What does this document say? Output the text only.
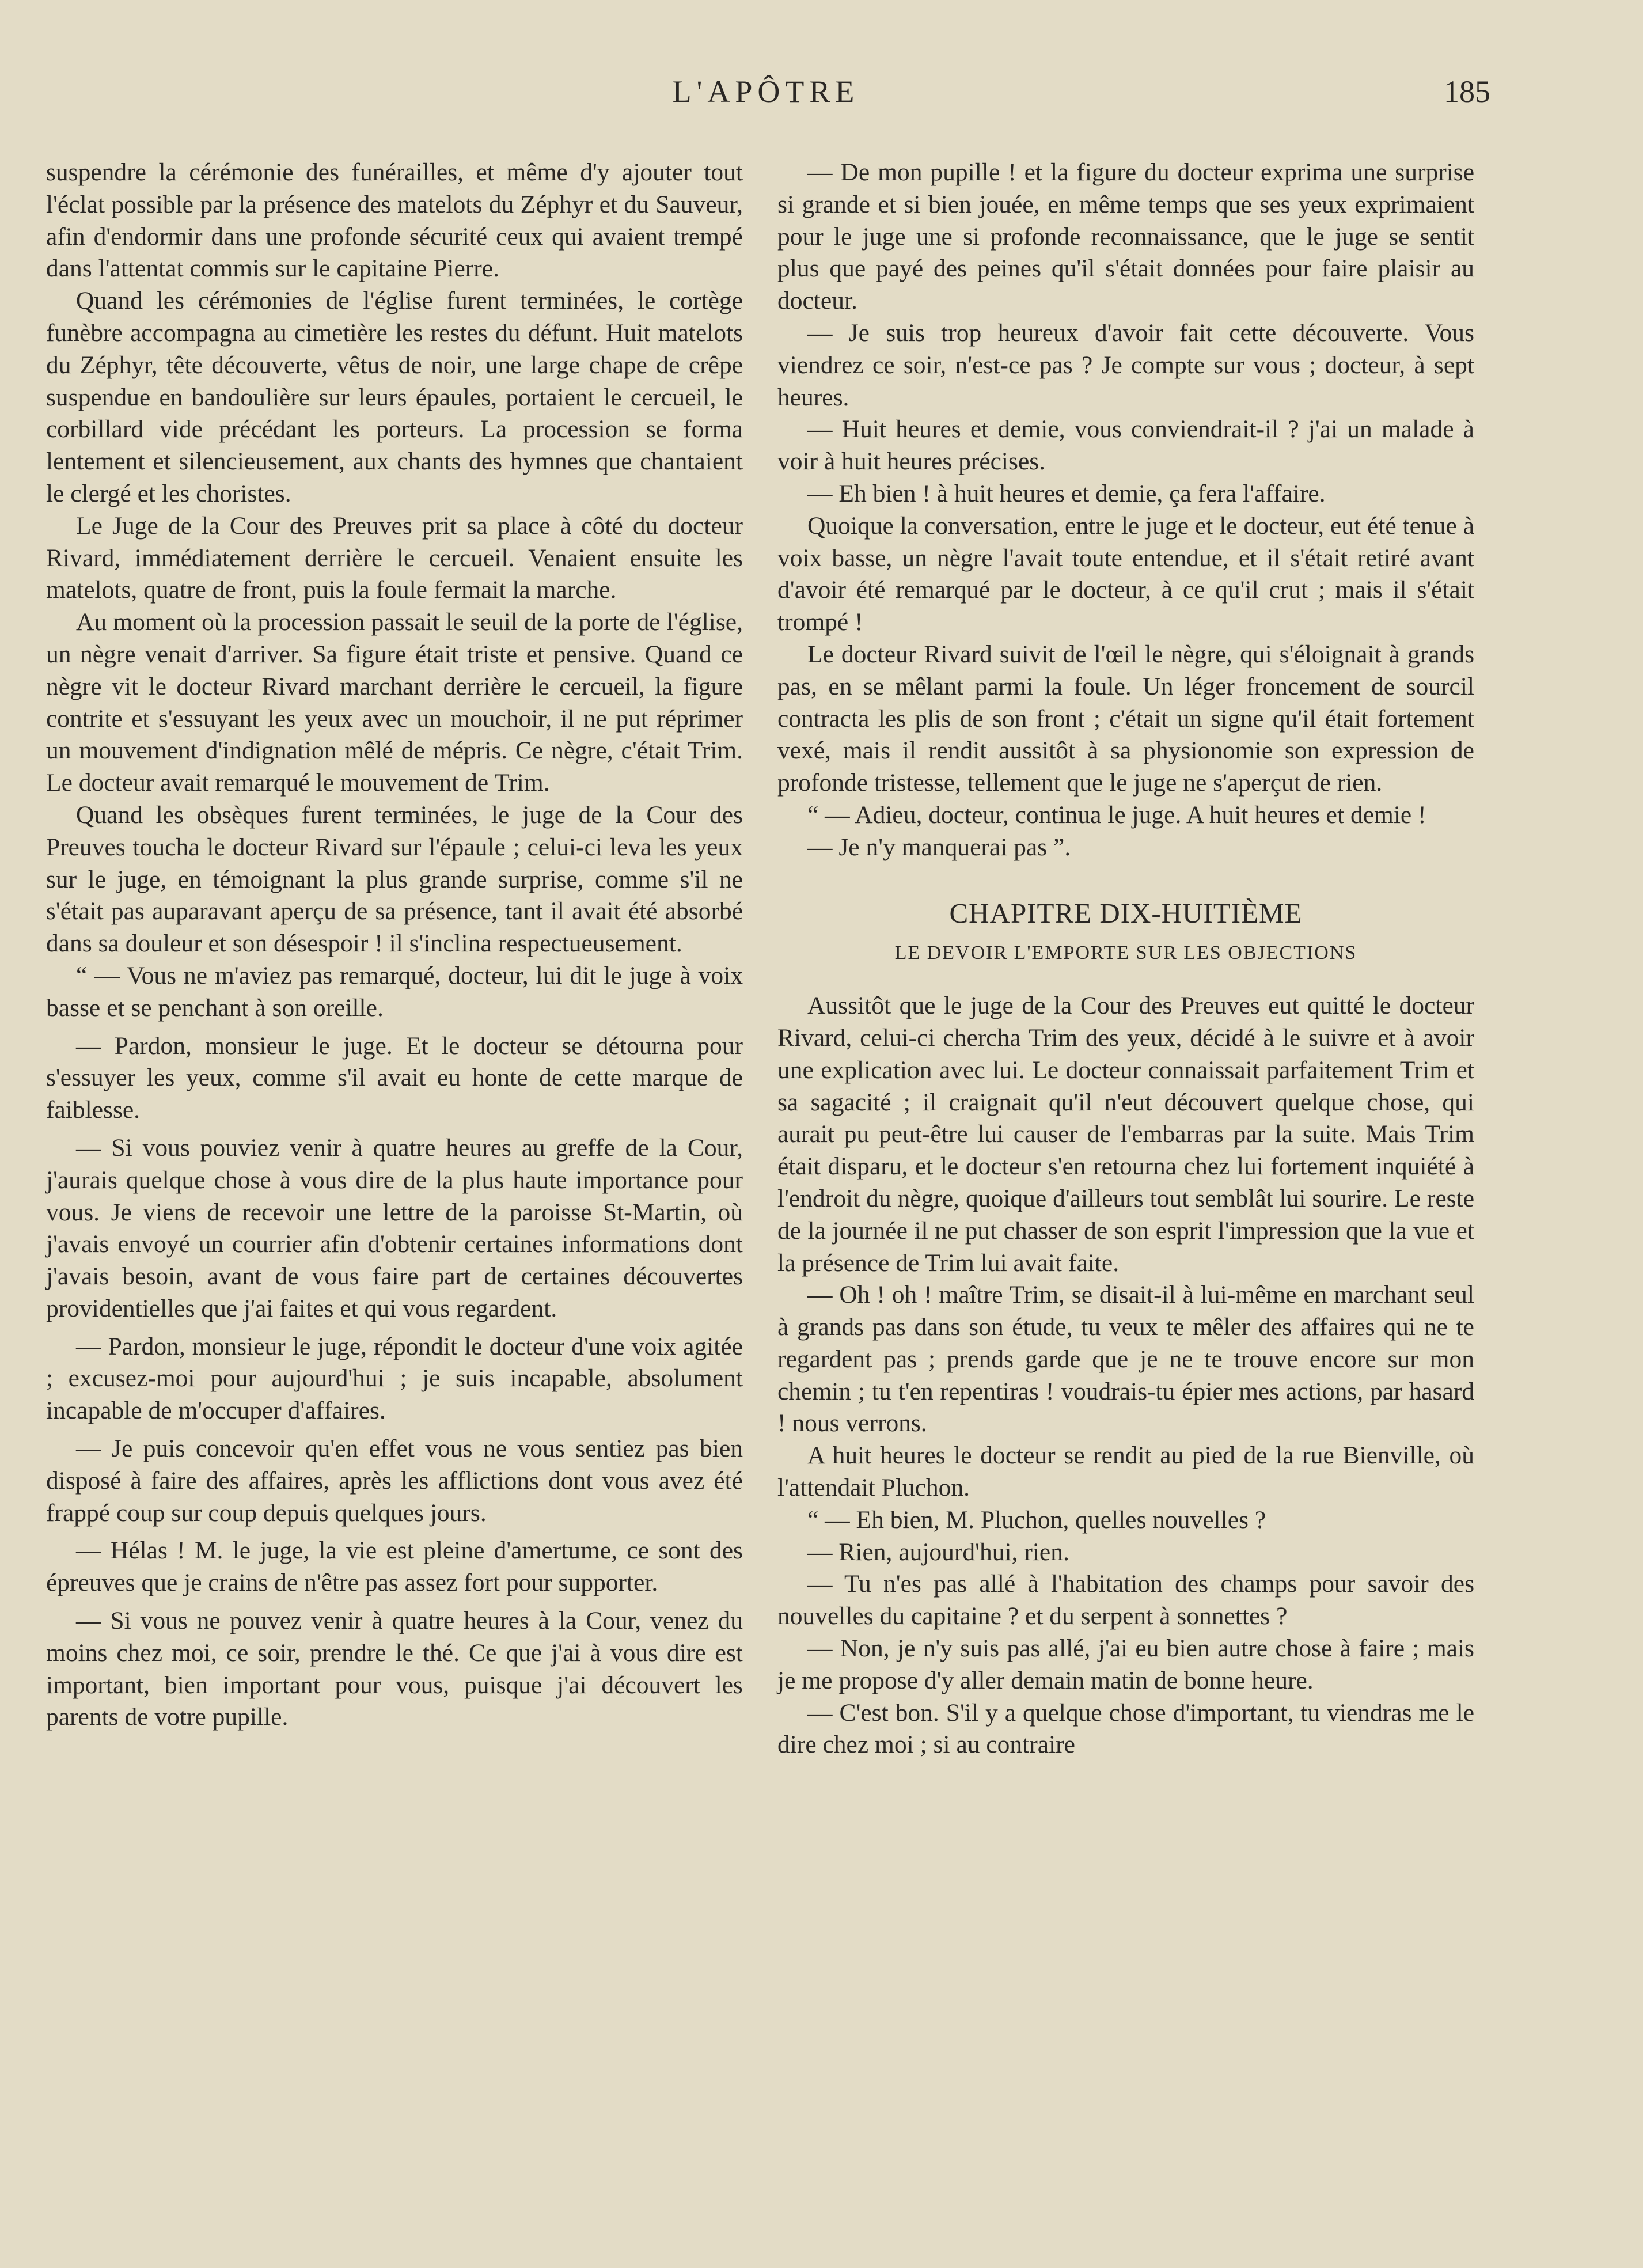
L'APÔTRE	185

suspendre la cérémonie des funérailles, et même d'y ajouter tout l'éclat possible par la présence des matelots du Zéphyr et du Sauveur, afin d'endormir dans une profonde sécurité ceux qui avaient trempé dans l'attentat commis sur le capitaine Pierre.

Quand les cérémonies de l'église furent terminées, le cortège funèbre accompagna au cimetière les restes du défunt. Huit matelots du Zéphyr, tête découverte, vêtus de noir, une large chape de crêpe suspendue en bandoulière sur leurs épaules, portaient le cercueil, le corbillard vide précédant les porteurs. La procession se forma lentement et silencieusement, aux chants des hymnes que chantaient le clergé et les choristes.

Le Juge de la Cour des Preuves prit sa place à côté du docteur Rivard, immédiatement derrière le cercueil. Venaient ensuite les matelots, quatre de front, puis la foule fermait la marche.

Au moment où la procession passait le seuil de la porte de l'église, un nègre venait d'arriver. Sa figure était triste et pensive. Quand ce nègre vit le docteur Rivard marchant derrière le cercueil, la figure contrite et s'essuyant les yeux avec un mouchoir, il ne put réprimer un mouvement d'indignation mêlé de mépris. Ce nègre, c'était Trim. Le docteur avait remarqué le mouvement de Trim.

Quand les obsèques furent terminées, le juge de la Cour des Preuves toucha le docteur Rivard sur l'épaule ; celui-ci leva les yeux sur le juge, en témoignant la plus grande surprise, comme s'il ne s'était pas auparavant aperçu de sa présence, tant il avait été absorbé dans sa douleur et son désespoir ! il s'inclina respectueusement.

“ — Vous ne m'aviez pas remarqué, docteur, lui dit le juge à voix basse et se penchant à son oreille.

— Pardon, monsieur le juge. Et le docteur se détourna pour s'essuyer les yeux, comme s'il avait eu honte de cette marque de faiblesse.

— Si vous pouviez venir à quatre heures au greffe de la Cour, j'aurais quelque chose à vous dire de la plus haute importance pour vous. Je viens de recevoir une lettre de la paroisse St-Martin, où j'avais envoyé un courrier afin d'obtenir certaines informations dont j'avais besoin, avant de vous faire part de certaines découvertes providentielles que j'ai faites et qui vous regardent.

— Pardon, monsieur le juge, répondit le docteur d'une voix agitée ; excusez-moi pour aujourd'hui ; je suis incapable, absolument incapable de m'occuper d'affaires.

— Je puis concevoir qu'en effet vous ne vous sentiez pas bien disposé à faire des affaires, après les afflictions dont vous avez été frappé coup sur coup depuis quelques jours.

— Hélas ! M. le juge, la vie est pleine d'amertume, ce sont des épreuves que je crains de n'être pas assez fort pour supporter.

— Si vous ne pouvez venir à quatre heures à la Cour, venez du moins chez moi, ce soir, prendre le thé. Ce que j'ai à vous dire est important, bien important pour vous, puisque j'ai découvert les parents de votre pupille.

— De mon pupille ! et la figure du docteur exprima une surprise si grande et si bien jouée, en même temps que ses yeux exprimaient pour le juge une si profonde reconnaissance, que le juge se sentit plus que payé des peines qu'il s'était données pour faire plaisir au docteur.

— Je suis trop heureux d'avoir fait cette découverte. Vous viendrez ce soir, n'est-ce pas ? Je compte sur vous ; docteur, à sept heures.

— Huit heures et demie, vous conviendrait-il ? j'ai un malade à voir à huit heures précises.

— Eh bien ! à huit heures et demie, ça fera l'affaire.

Quoique la conversation, entre le juge et le docteur, eut été tenue à voix basse, un nègre l'avait toute entendue, et il s'était retiré avant d'avoir été remarqué par le docteur, à ce qu'il crut ; mais il s'était trompé !

Le docteur Rivard suivit de l'œil le nègre, qui s'éloignait à grands pas, en se mêlant parmi la foule. Un léger froncement de sourcil contracta les plis de son front ; c'était un signe qu'il était fortement vexé, mais il rendit aussitôt à sa physionomie son expression de profonde tristesse, tellement que le juge ne s'aperçut de rien.

“ — Adieu, docteur, continua le juge. A huit heures et demie !

— Je n'y manquerai pas ”.

CHAPITRE DIX-HUITIÈME
LE DEVOIR L'EMPORTE SUR LES OBJECTIONS

Aussitôt que le juge de la Cour des Preuves eut quitté le docteur Rivard, celui-ci chercha Trim des yeux, décidé à le suivre et à avoir une explication avec lui. Le docteur connaissait parfaitement Trim et sa sagacité ; il craignait qu'il n'eut découvert quelque chose, qui aurait pu peut-être lui causer de l'embarras par la suite. Mais Trim était disparu, et le docteur s'en retourna chez lui fortement inquiété à l'endroit du nègre, quoique d'ailleurs tout semblât lui sourire. Le reste de la journée il ne put chasser de son esprit l'impression que la vue et la présence de Trim lui avait faite.

— Oh ! oh ! maître Trim, se disait-il à lui-même en marchant seul à grands pas dans son étude, tu veux te mêler des affaires qui ne te regardent pas ; prends garde que je ne te trouve encore sur mon chemin ; tu t'en repentiras ! voudrais-tu épier mes actions, par hasard ! nous verrons.

A huit heures le docteur se rendit au pied de la rue Bienville, où l'attendait Pluchon.

“ — Eh bien, M. Pluchon, quelles nouvelles ?

— Rien, aujourd'hui, rien.

— Tu n'es pas allé à l'habitation des champs pour savoir des nouvelles du capitaine ? et du serpent à sonnettes ?

— Non, je n'y suis pas allé, j'ai eu bien autre chose à faire ; mais je me propose d'y aller demain matin de bonne heure.

— C'est bon. S'il y a quelque chose d'important, tu viendras me le dire chez moi ; si au contraire
